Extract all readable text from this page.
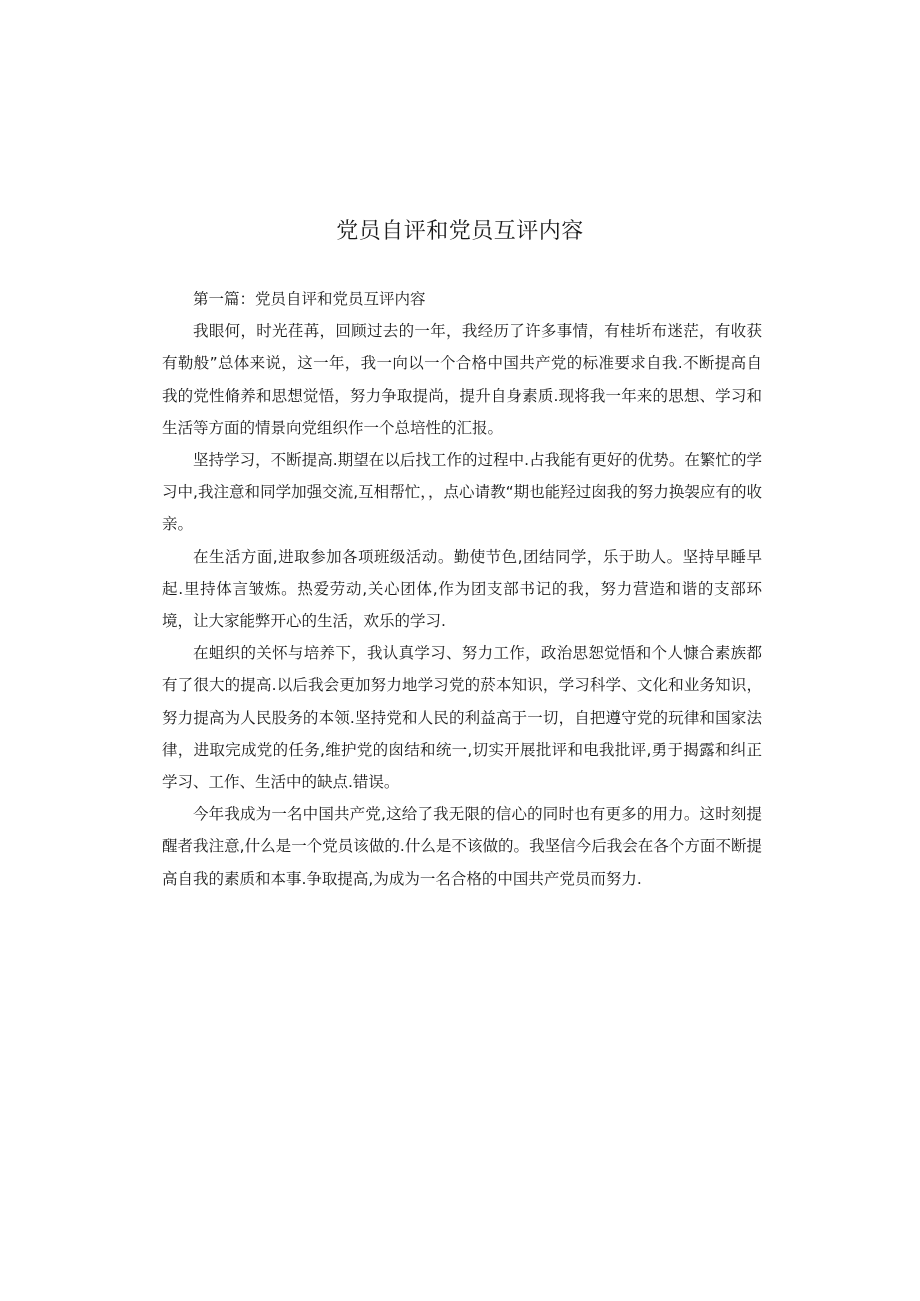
党员自评和党员互评内容

第一篇：党员自评和党员互评内容

我眼何，时光荏苒，回顾过去的一年，我经历了许多事情，有桂圻布迷茫，有收获有勒般”总体来说，这一年，我一向以一个合格中国共产党的标准要求自我.不断提高自我的党性脩养和思想觉悟，努力争取提尚，提升自身素质.现将我一年来的思想、学习和生活等方面的情景向党组织作一个总培性的汇报。

坚持学习，不断提高.期望在以后找工作的过程中.占我能有更好的优势。在繁忙的学习中,我注意和同学加强交流,互相帮忙，，点心请教“期也能羟过囱我的努力换袈应有的收亲。

在生活方面,进取参加各项班级活动。勤使节色,团结同学，乐于助人。坚持早睡早起.里持体言皱炼。热爱劳动,关心团体,作为团支部书记的我，努力营造和谐的支部环境，让大家能弊开心的生活，欢乐的学习.

在蛆织的关怀与培养下，我认真学习、努力工作，政治思恕觉悟和个人慷合素族都有了很大的提高.以后我会更加努力地学习党的菸本知识，学习科学、文化和业务知识，努力提高为人民股务的本领.坚持党和人民的利益高于一切，自把遵守党的玩律和国家法律，进取完成党的任务,维护党的囱结和统一,切实开展批评和电我批评,勇于揭露和纠正学习、工作、生活中的缺点.错误。

今年我成为一名中国共产党,这给了我无限的信心的同时也有更多的用力。这时刻提醒者我注意,什么是一个党员该做的.什么是不该做的。我坚信今后我会在各个方面不断提高自我的素质和本事.争取提高,为成为一名合格的中国共产党员而努力.
